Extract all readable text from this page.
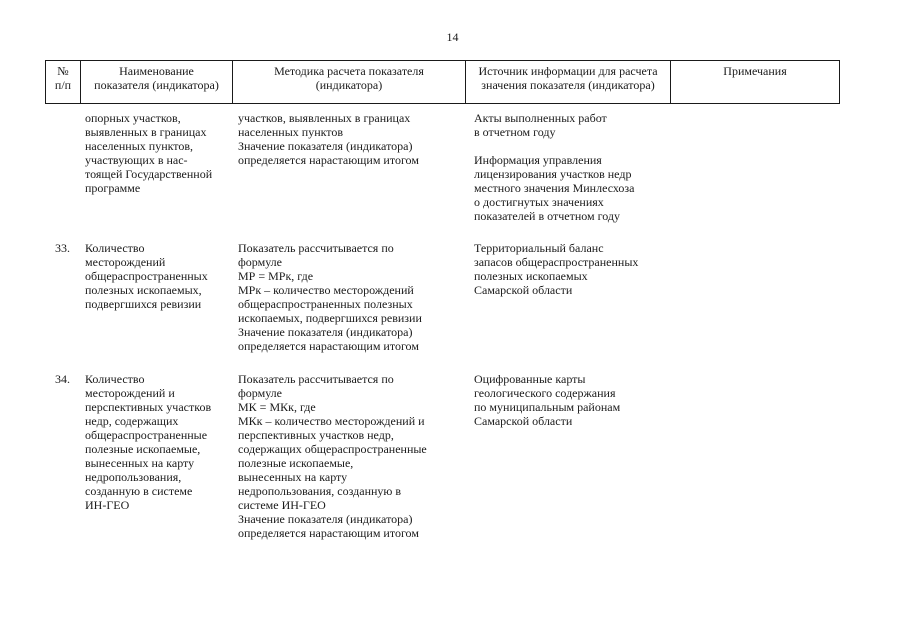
14
№
п/п
Наименование
показателя (индикатора)
Методика расчета показателя
(индикатора)
Источник информации для расчета
значения показателя (индикатора)
Примечания

опорных участков,
выявленных в границах
населенных пунктов,
участвующих в нас-
тоящей Государственной
программе

участков, выявленных в границах
населенных пунктов
Значение показателя (индикатора)
определяется нарастающим итогом

Акты выполненных работ
в отчетном году

Информация управления
лицензирования участков недр
местного значения Минлесхоза
о достигнутых значениях
показателей в отчетном году

33. Количество
месторождений
общераспространенных
полезных ископаемых,
подвергшихся ревизии

Показатель рассчитывается по
формуле
МР = МРк, где
МРк – количество месторождений
общераспространенных полезных
ископаемых, подвергшихся ревизии
Значение показателя (индикатора)
определяется нарастающим итогом

Территориальный баланс
запасов общераспространенных
полезных ископаемых
Самарской области

34. Количество
месторождений и
перспективных участков
недр, содержащих
общераспространенные
полезные ископаемые,
вынесенных на карту
недропользования,
созданную в системе
ИН-ГЕО

Показатель рассчитывается по
формуле
МК = МКк, где
МКк – количество месторождений и
перспективных участков недр,
содержащих общераспространенные
полезные ископаемые,
вынесенных на карту
недропользования, созданную в
системе ИН-ГЕО
Значение показателя (индикатора)
определяется нарастающим итогом

Оцифрованные карты
геологического содержания
по муниципальным районам
Самарской области
